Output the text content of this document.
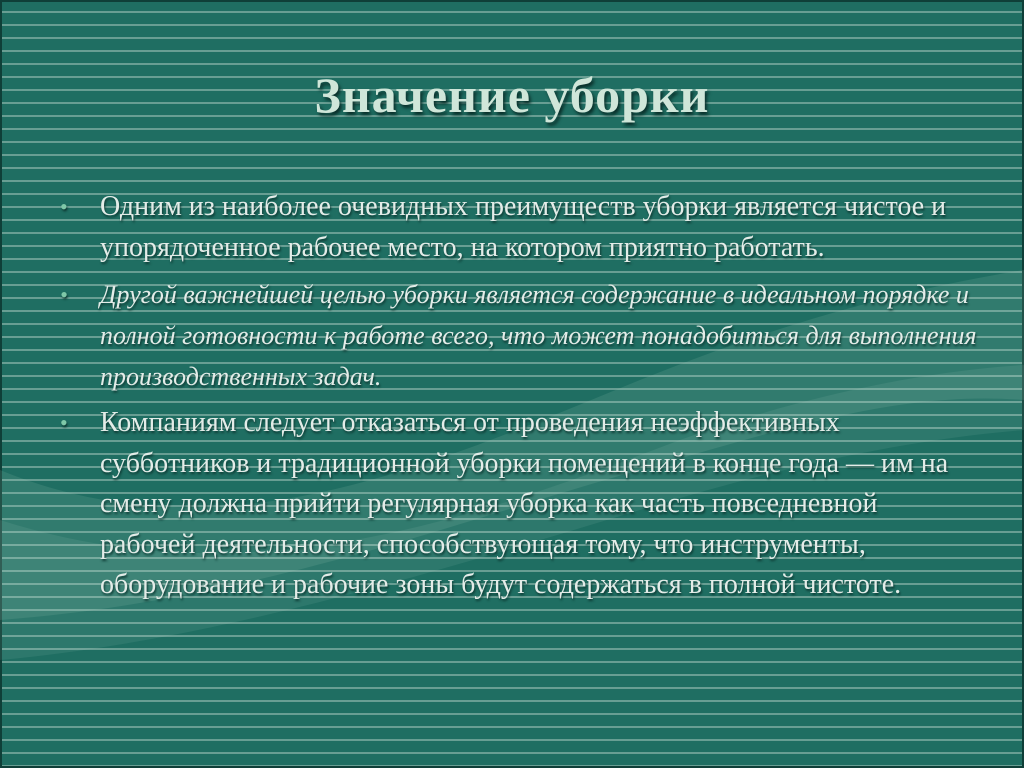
Значение уборки
• Одним из наиболее очевидных преимуществ уборки является чистое и упорядоченное рабочее место, на котором приятно работать.
• Другой важнейшей целью уборки является содержание в идеальном порядке и полной готовности к работе всего, что может понадобиться для выполнения производственных задач.
• Компаниям следует отказаться от проведения неэффективных субботников и традиционной уборки помещений в конце года — им на смену должна прийти регулярная уборка как часть повседневной рабочей деятельности, способствующая тому, что инструменты, оборудование и рабочие зоны будут содержаться в полной чистоте.
